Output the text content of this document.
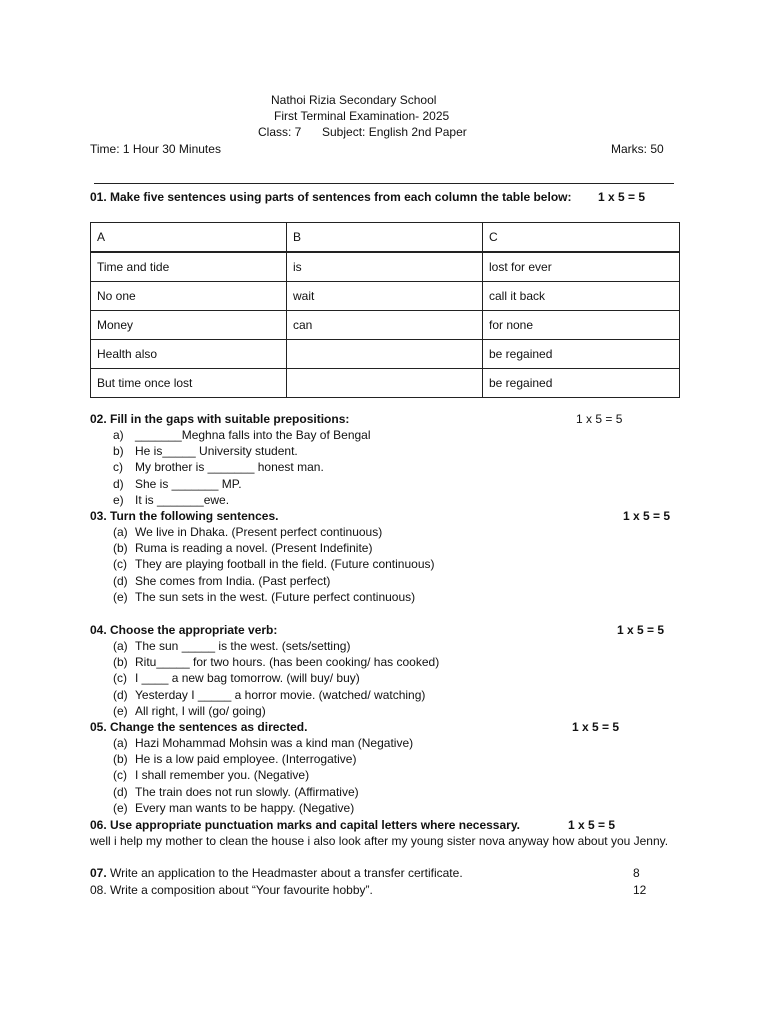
Nathoi Rizia Secondary School
First Terminal Examination- 2025
Class: 7 Subject: English 2nd Paper
Time: 1 Hour 30 Minutes	Marks: 50
01. Make five sentences using parts of sentences from each column the table below: 1 x 5 = 5
A	B	C
Time and tide	is	lost for ever
No one	wait	call it back
Money	can	for none
Health also		be regained
But time once lost		be regained
02. Fill in the gaps with suitable prepositions:	1 x 5 = 5
a) _______Meghna falls into the Bay of Bengal
b) He is_____ University student.
c) My brother is _______ honest man.
d) She is _______ MP.
e) It is _______ewe.
03. Turn the following sentences.	1 x 5 = 5
(a) We live in Dhaka. (Present perfect continuous)
(b) Ruma is reading a novel. (Present Indefinite)
(c) They are playing football in the field. (Future continuous)
(d) She comes from India. (Past perfect)
(e) The sun sets in the west. (Future perfect continuous)
04. Choose the appropriate verb:	1 x 5 = 5
(a) The sun _____ is the west. (sets/setting)
(b) Ritu_____ for two hours. (has been cooking/ has cooked)
(c) I ____ a new bag tomorrow. (will buy/ buy)
(d) Yesterday I _____ a horror movie. (watched/ watching)
(e) All right, I will (go/ going)
05. Change the sentences as directed.	1 x 5 = 5
(a) Hazi Mohammad Mohsin was a kind man (Negative)
(b) He is a low paid employee. (Interrogative)
(c) I shall remember you. (Negative)
(d) The train does not run slowly. (Affirmative)
(e) Every man wants to be happy. (Negative)
06. Use appropriate punctuation marks and capital letters where necessary.	1 x 5 = 5
well i help my mother to clean the house i also look after my young sister nova anyway how about you Jenny.
07. Write an application to the Headmaster about a transfer certificate.	8
08. Write a composition about “Your favourite hobby”.	12
